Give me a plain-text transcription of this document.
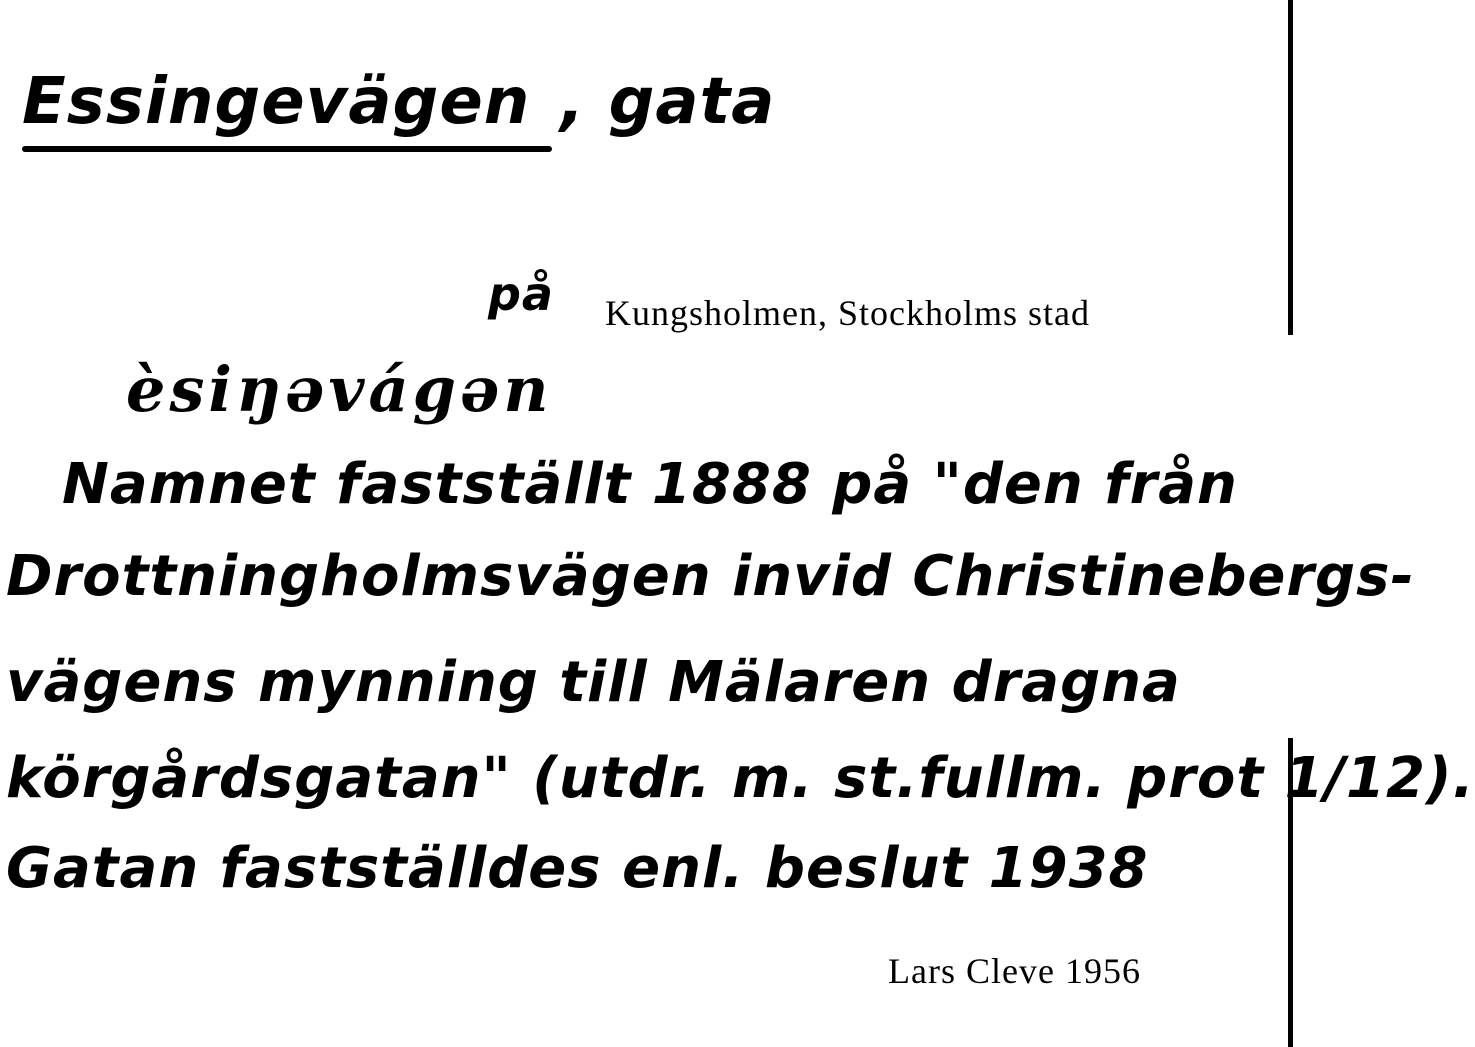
Essingevägen , gata
på Kungsholmen, Stockholms stad
èsiŋəvágən
Namnet fastställt 1888 på "den från
Drottningholmsvägen invid Christinebergs-
vägens mynning till Mälaren dragna
körgårdsgatan" (utdr. m. st.fullm. prot 1/12).
Gatan fastställdes enl. beslut 1938
Lars Cleve 1956
